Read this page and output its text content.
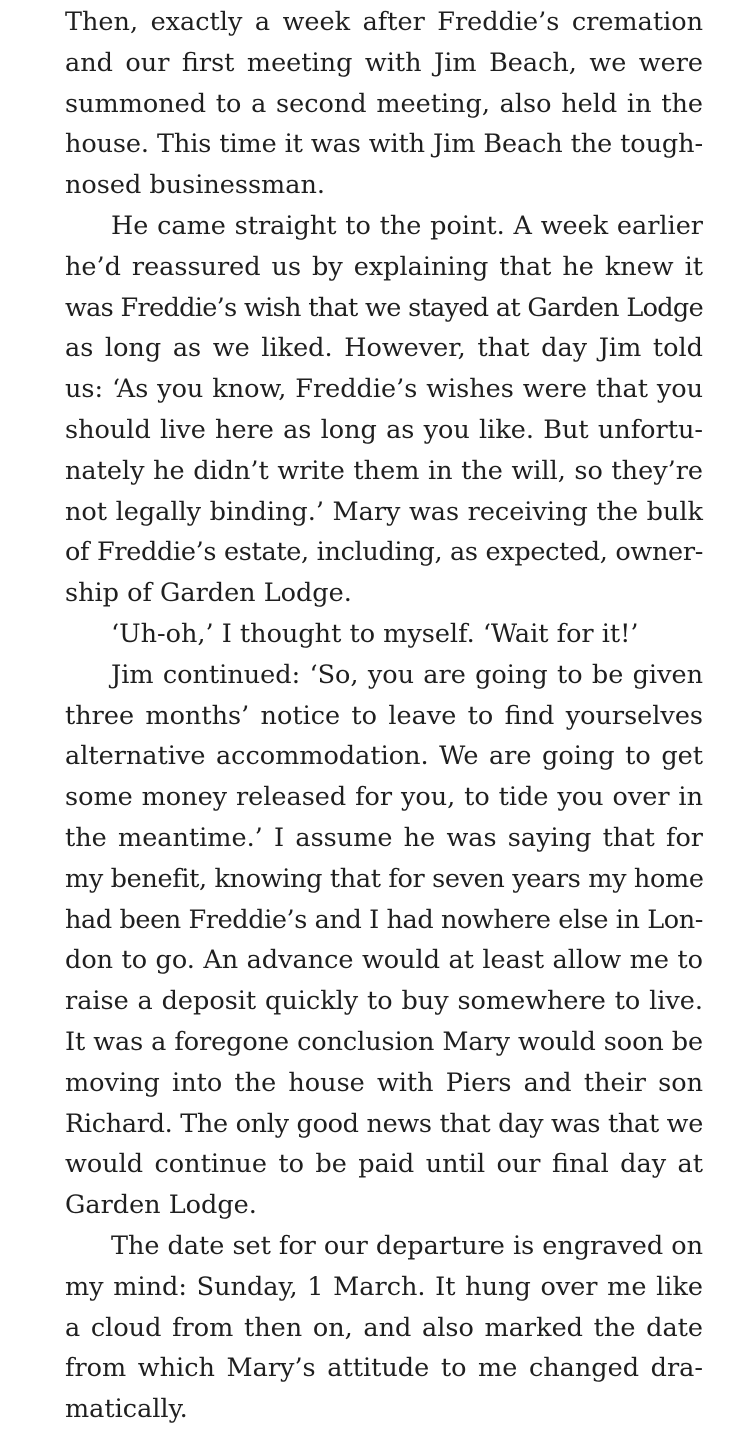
Then, exactly a week after Freddie’s cremation
and our first meeting with Jim Beach, we were
summoned to a second meeting, also held in the
house. This time it was with Jim Beach the tough-
nosed businessman.
He came straight to the point. A week earlier
he’d reassured us by explaining that he knew it
was Freddie’s wish that we stayed at Garden Lodge
as long as we liked. However, that day Jim told
us: ‘As you know, Freddie’s wishes were that you
should live here as long as you like. But unfortu-
nately he didn’t write them in the will, so they’re
not legally binding.’ Mary was receiving the bulk
of Freddie’s estate, including, as expected, owner-
ship of Garden Lodge.
‘Uh-oh,’ I thought to myself. ‘Wait for it!’
Jim continued: ‘So, you are going to be given
three months’ notice to leave to find yourselves
alternative accommodation. We are going to get
some money released for you, to tide you over in
the meantime.’ I assume he was saying that for
my benefit, knowing that for seven years my home
had been Freddie’s and I had nowhere else in Lon-
don to go. An advance would at least allow me to
raise a deposit quickly to buy somewhere to live.
It was a foregone conclusion Mary would soon be
moving into the house with Piers and their son
Richard. The only good news that day was that we
would continue to be paid until our final day at
Garden Lodge.
The date set for our departure is engraved on
my mind: Sunday, 1 March. It hung over me like
a cloud from then on, and also marked the date
from which Mary’s attitude to me changed dra-
matically.
